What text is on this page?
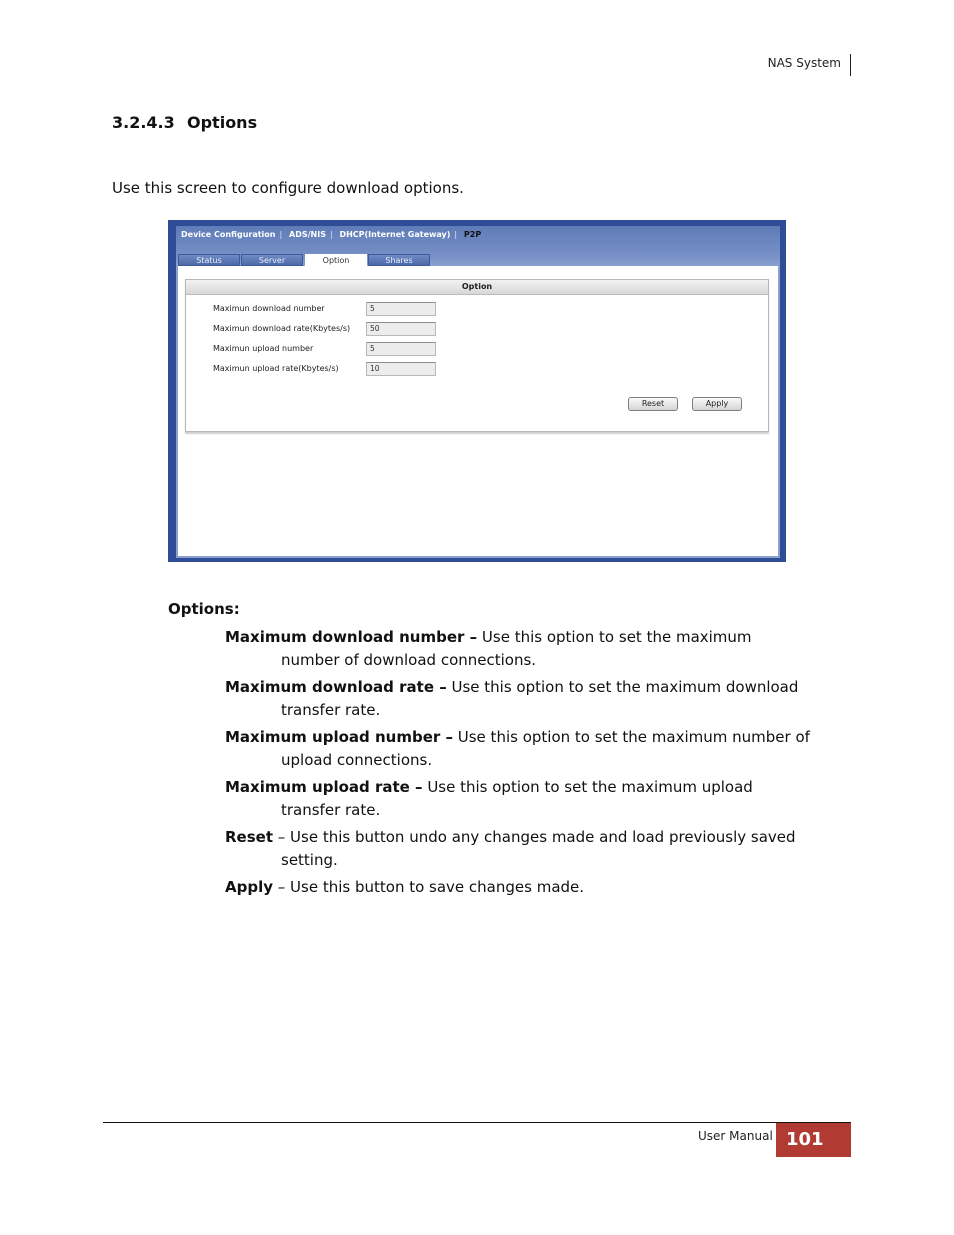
NAS System
3.2.4.3 Options
Use this screen to configure download options.
Device Configuration | ADS/NIS | DHCP(Internet Gateway) | P2P
Status	Server	Option	Shares
Option
Maximun download number	5
Maximun download rate(Kbytes/s)	50
Maximun upload number	5
Maximun upload rate(Kbytes/s)	10
Reset	Apply
Options:
Maximum download number – Use this option to set the maximum
number of download connections.
Maximum download rate – Use this option to set the maximum download
transfer rate.
Maximum upload number – Use this option to set the maximum number of
upload connections.
Maximum upload rate – Use this option to set the maximum upload
transfer rate.
Reset – Use this button undo any changes made and load previously saved
setting.
Apply – Use this button to save changes made.
User Manual 101
